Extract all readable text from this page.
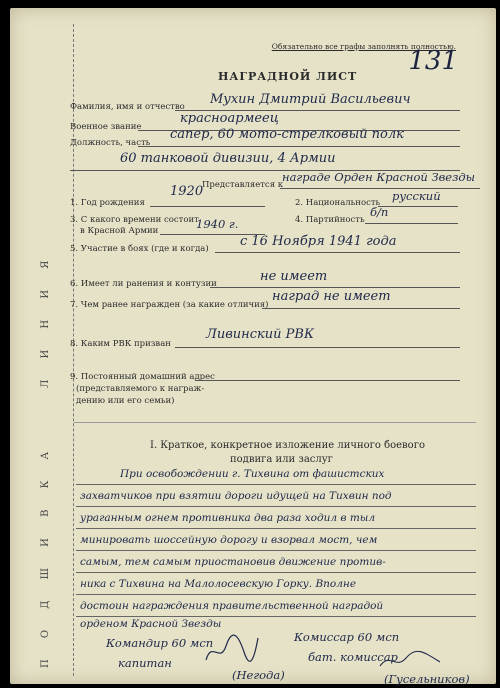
Л И Н И Я
П О Д Ш И В К А
Обязательно все графы заполнять полностью.
131
НАГРАДНОЙ ЛИСТ
Фамилия, имя и отчество Мухин Дмитрий Васильевич
Военное звание
красноармеец
Должность, часть
сапер, 60 мото-стрелковый полк
60 танковой дивизии, 4 Армии
Представляется к
награде Орден Красной Звезды
1. Год рождения
1920
2. Национальность русский
3. С какого времени состоит
в Красной Армии	1940 г.	4. Партийность
б/п
5. Участие в боях (где и когда) с 16 Ноября 1941 года
6. Имеет ли ранения и контузии	не имеет
7. Чем ранее награжден (за какие отличия)
наград не имеет
8. Каким РВК призван
Ливинский РВК
9. Постоянный домашний адрес
(представляемого к награж-
дению или его семьи)
I. Краткое, конкретное изложение личного боевого
подвига или заслуг
При освобождении г. Тихвина от фашистских
захватчиков при взятии дороги идущей на Тихвин под
ураганным огнем противника два раза ходил в тыл
минировать шоссейную дорогу и взорвал мост, чем
самым, тем самым приостановив движение против-
ника с Тихвина на Малолосевскую Горку. Вполне
достоин награждения правительственной наградой
орденом Красной Звезды
Командир 60 мсп
капитан
(Негода)
Комиссар 60 мсп
бат. комиссар
(Гусельников)
